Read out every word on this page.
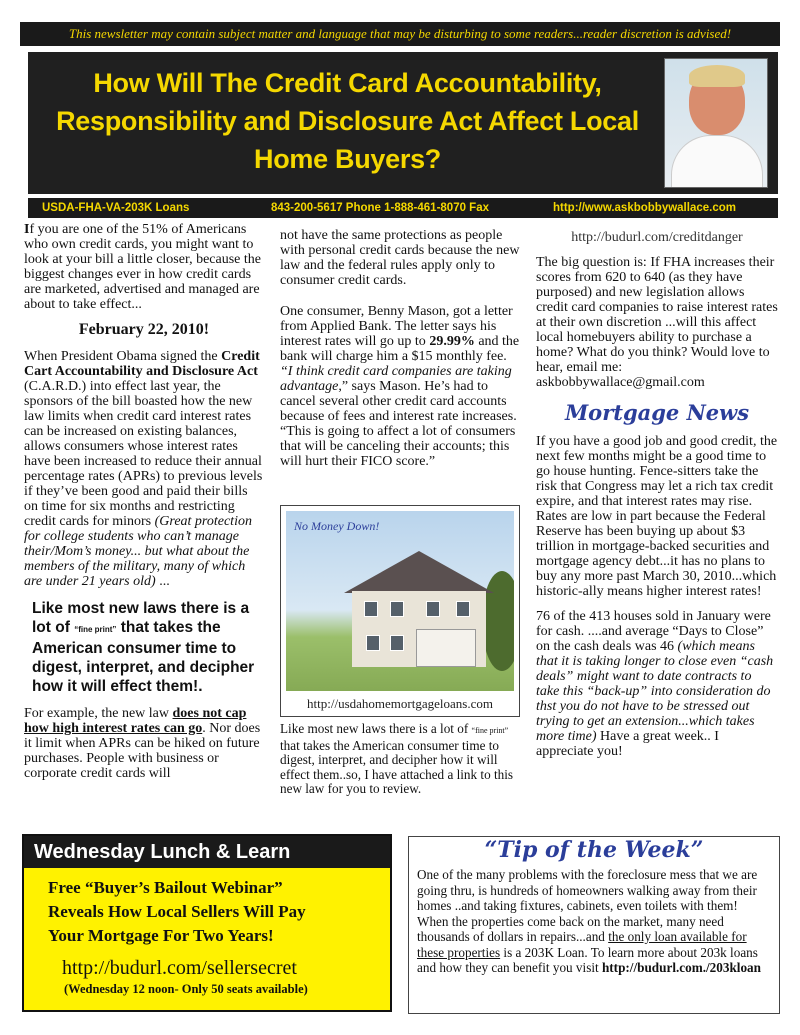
This newsletter may contain subject matter and language that may be disturbing to some readers...reader discretion is advised!
How Will The Credit Card Accountability, Responsibility and Disclosure Act Affect Local Home Buyers?
USDA-FHA-VA-203K Loans	843-200-5617 Phone 1-888-461-8070 Fax	http://www.askbobbywallace.com

If you are one of the 51% of Americans who own credit cards, you might want to look at your bill a little closer, because the biggest changes ever in how credit cards are marketed, advertised and managed are about to take effect...

February 22, 2010!

When President Obama signed the Credit Cart Accountability and Disclosure Act (C.A.R.D.) into effect last year, the sponsors of the bill boasted how the new law limits when credit card interest rates can be increased on existing balances, allows consumers whose interest rates have been increased to reduce their annual percentage rates (APRs) to previous levels if they’ve been good and paid their bills on time for six months and restricting credit cards for minors (Great protection for college students who can’t manage their/Mom’s money... but what about the members of the military, many of which are under 21 years old) ...

Like most new laws there is a lot of “fine print” that takes the American consumer time to digest, interpret, and decipher how it will effect them!.

For example, the new law does not cap how high interest rates can go. Nor does it limit when APRs can be hiked on future purchases. People with business or corporate credit cards will

not have the same protections as people with personal credit cards because the new law and the federal rules apply only to consumer credit cards.

One consumer, Benny Mason, got a letter from Applied Bank. The letter says his interest rates will go up to 29.99% and the bank will charge him a $15 monthly fee. “I think credit card companies are taking advantage,” says Mason. He’s had to cancel several other credit card accounts because of fees and interest rate increases. “This is going to affect a lot of consumers that will be canceling their accounts; this will hurt their FICO score.”

No Money Down!
http://usdahomemortgageloans.com

Like most new laws there is a lot of “fine print” that takes the American consumer time to digest, interpret, and decipher how it will effect them..so, I have attached a link to this new law for you to review.

http://budurl.com/creditdanger

The big question is: If FHA increases their scores from 620 to 640 (as they have purposed) and new legislation allows credit card companies to raise interest rates at their own discretion ...will this affect local homebuyers ability to purchase a home? What do you think? Would love to hear, email me: askbobbywallace@gmail.com

Mortgage News

If you have a good job and good credit, the next few months might be a good time to go house hunting. Fence-sitters take the risk that Congress may let a rich tax credit expire, and that interest rates may rise. Rates are low in part because the Federal Reserve has been buying up about $3 trillion in mortgage-backed securities and mortgage agency debt...it has no plans to buy any more past March 30, 2010...which historic-ally means higher interest rates!

76 of the 413 houses sold in January were for cash. ....and average “Days to Close” on the cash deals was 46 (which means that it is taking longer to close even “cash deals” might want to date contracts to take this “back-up” into consideration do thst you do not have to be stressed out trying to get an extension...which takes more time) Have a great week.. I appreciate you!

Wednesday Lunch & Learn
Free “Buyer’s Bailout Webinar”
Reveals How Local Sellers Will Pay
Your Mortgage For Two Years!
http://budurl.com/sellersecret
(Wednesday 12 noon- Only 50 seats available)
“Tip of the Week”

One of the many problems with the foreclosure mess that we are going thru, is hundreds of homeowners walking away from their homes ..and taking fixtures, cabinets, even toilets with them! When the properties come back on the market, many need thousands of dollars in repairs...and the only loan available for these properties is a 203K Loan. To learn more about 203k loans and how they can benefit you visit http://budurl.com./203kloan
